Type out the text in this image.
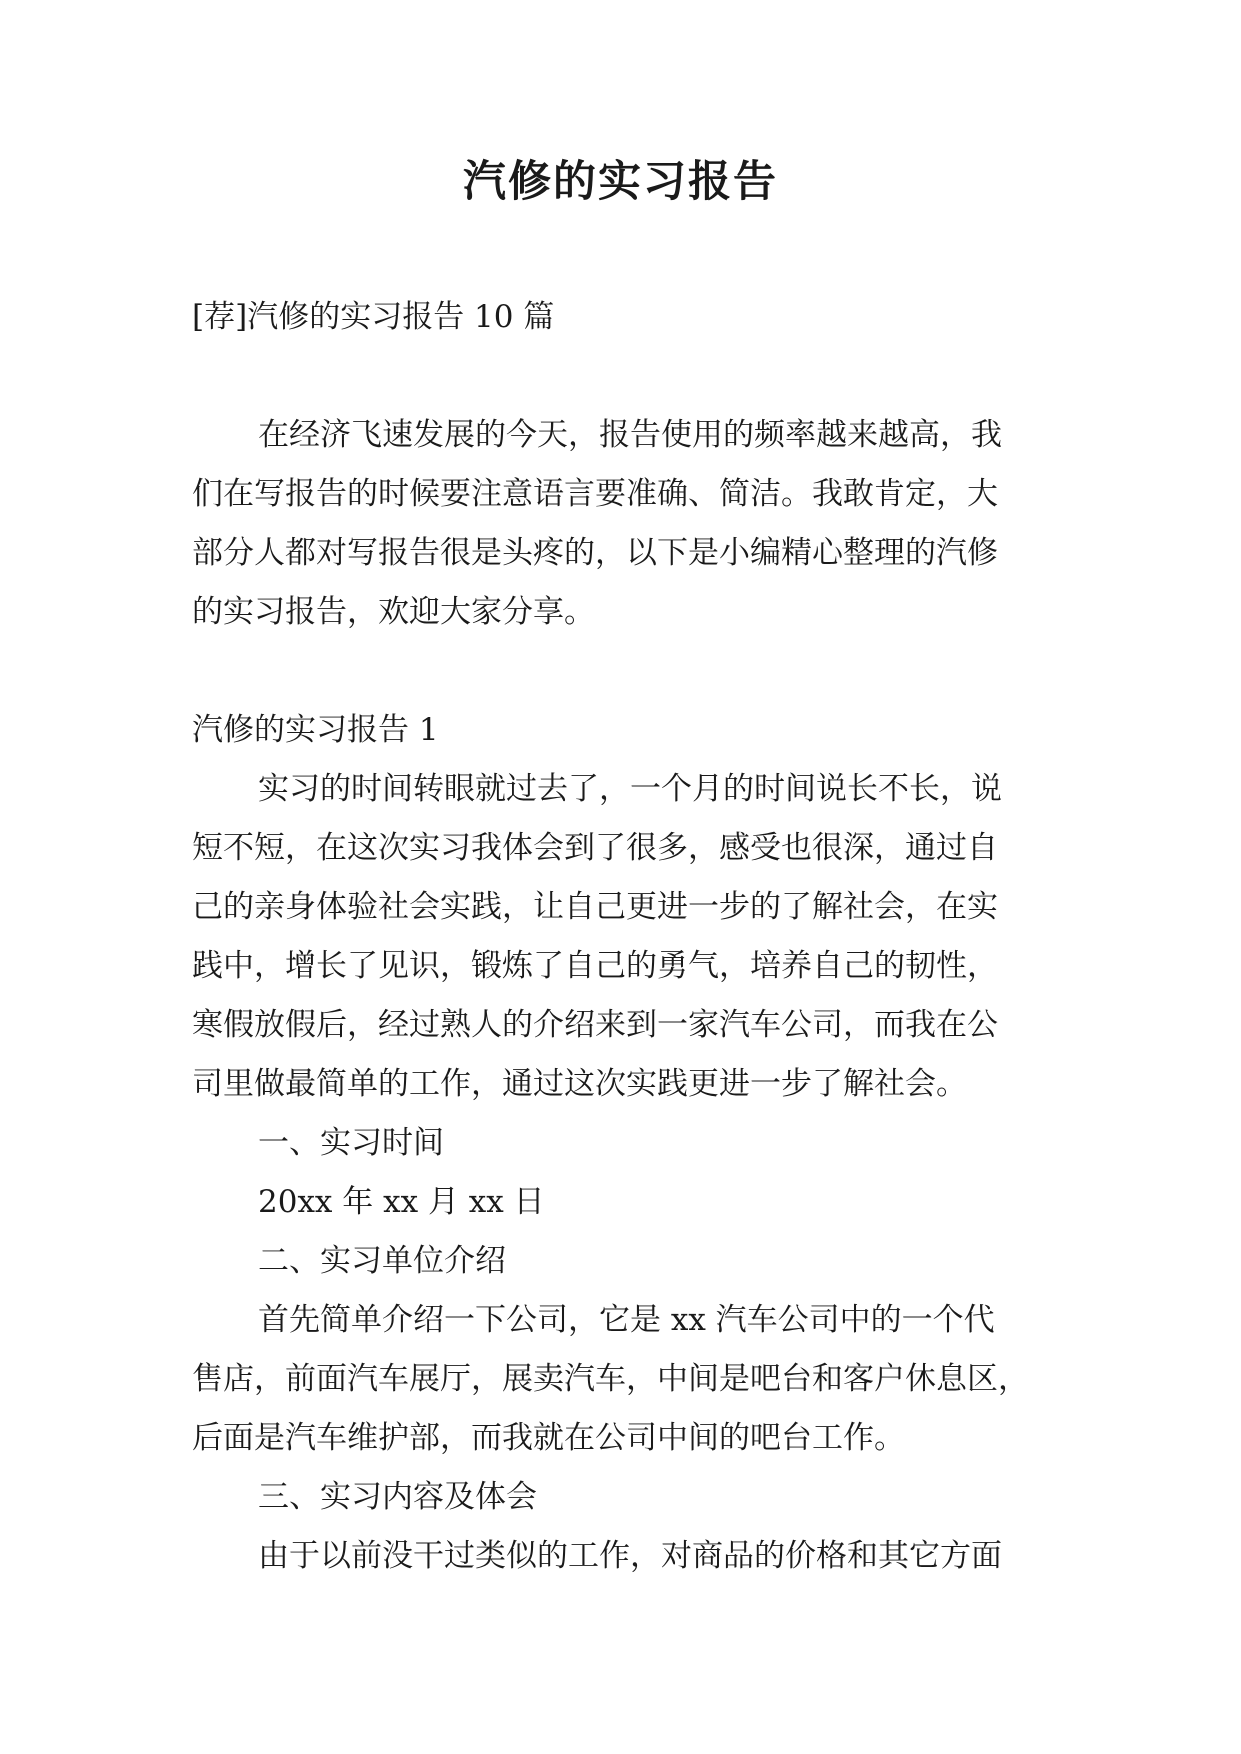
汽修的实习报告
[荐]汽修的实习报告 10 篇
在经济飞速发展的今天，报告使用的频率越来越高，我
们在写报告的时候要注意语言要准确、简洁。我敢肯定，大
部分人都对写报告很是头疼的，以下是小编精心整理的汽修
的实习报告，欢迎大家分享。
汽修的实习报告 1
实习的时间转眼就过去了，一个月的时间说长不长，说
短不短，在这次实习我体会到了很多，感受也很深，通过自
己的亲身体验社会实践，让自己更进一步的了解社会，在实
践中，增长了见识，锻炼了自己的勇气，培养自己的韧性，
寒假放假后，经过熟人的介绍来到一家汽车公司，而我在公
司里做最简单的工作，通过这次实践更进一步了解社会。
一、实习时间
20xx 年 xx 月 xx 日
二、实习单位介绍
首先简单介绍一下公司，它是 xx 汽车公司中的一个代
售店，前面汽车展厅，展卖汽车，中间是吧台和客户休息区，
后面是汽车维护部，而我就在公司中间的吧台工作。
三、实习内容及体会
由于以前没干过类似的工作，对商品的价格和其它方面
